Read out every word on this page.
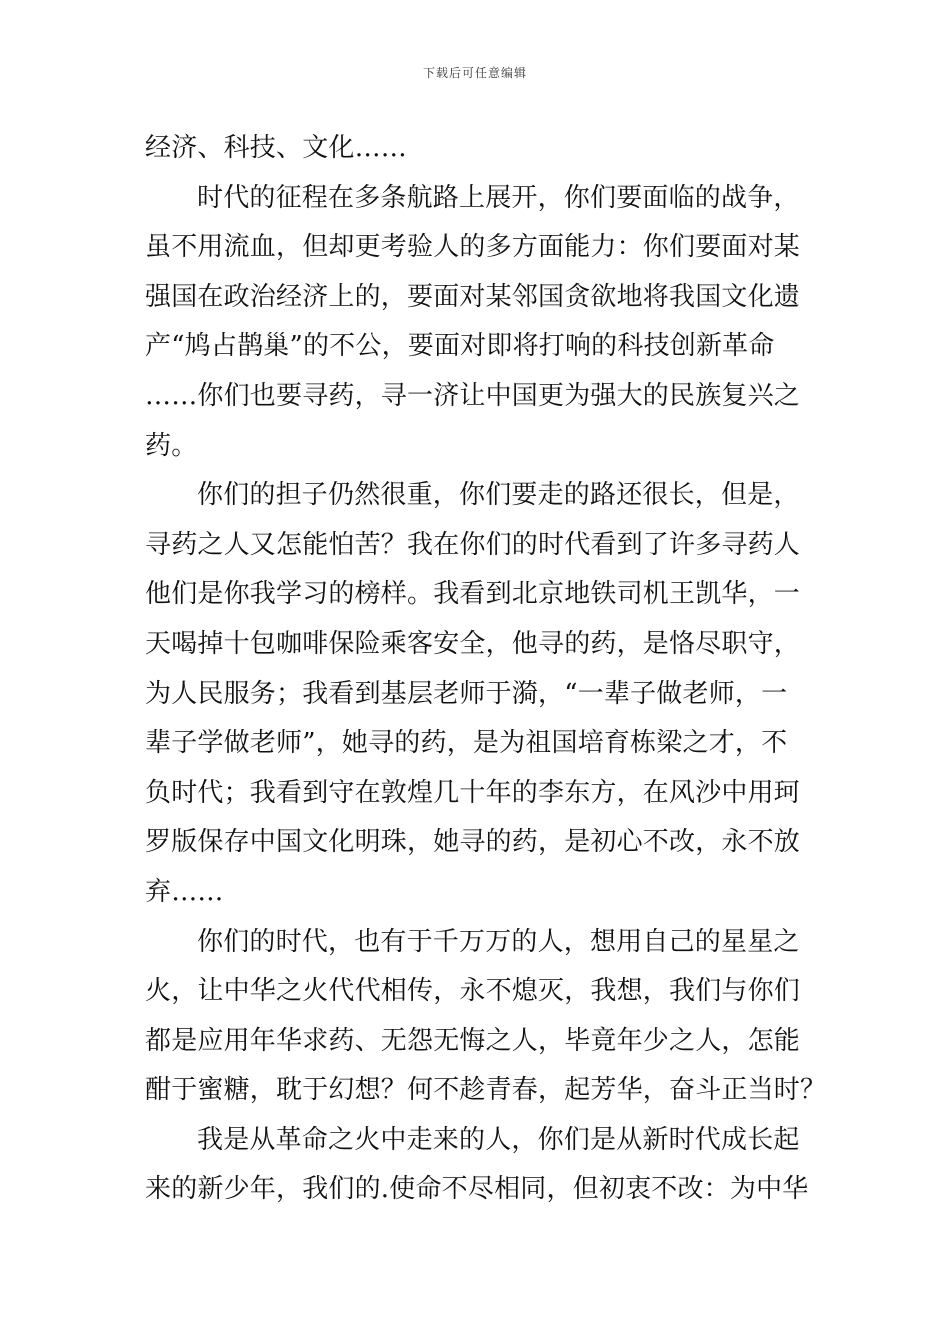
下载后可任意编辑
经济、科技、文化……
时代的征程在多条航路上展开，你们要面临的战争，
虽不用流血，但却更考验人的多方面能力：你们要面对某
强国在政治经济上的，要面对某邻国贪欲地将我国文化遗
产“鸠占鹊巢”的不公，要面对即将打响的科技创新革命
……你们也要寻药，寻一济让中国更为强大的民族复兴之
药。
你们的担子仍然很重，你们要走的路还很长，但是，
寻药之人又怎能怕苦？我在你们的时代看到了许多寻药人
他们是你我学习的榜样。我看到北京地铁司机王凯华，一
天喝掉十包咖啡保险乘客安全，他寻的药，是恪尽职守，
为人民服务；我看到基层老师于漪，“一辈子做老师，一
辈子学做老师”，她寻的药，是为祖国培育栋梁之才，不
负时代；我看到守在敦煌几十年的李东方，在风沙中用珂
罗版保存中国文化明珠，她寻的药，是初心不改，永不放
弃……
你们的时代，也有于千万万的人，想用自己的星星之
火，让中华之火代代相传，永不熄灭，我想，我们与你们
都是应用年华求药、无怨无悔之人，毕竟年少之人，怎能
酣于蜜糖，耽于幻想？何不趁青春，起芳华，奋斗正当时？
我是从革命之火中走来的人，你们是从新时代成长起
来的新少年，我们的.使命不尽相同，但初衷不改：为中华
